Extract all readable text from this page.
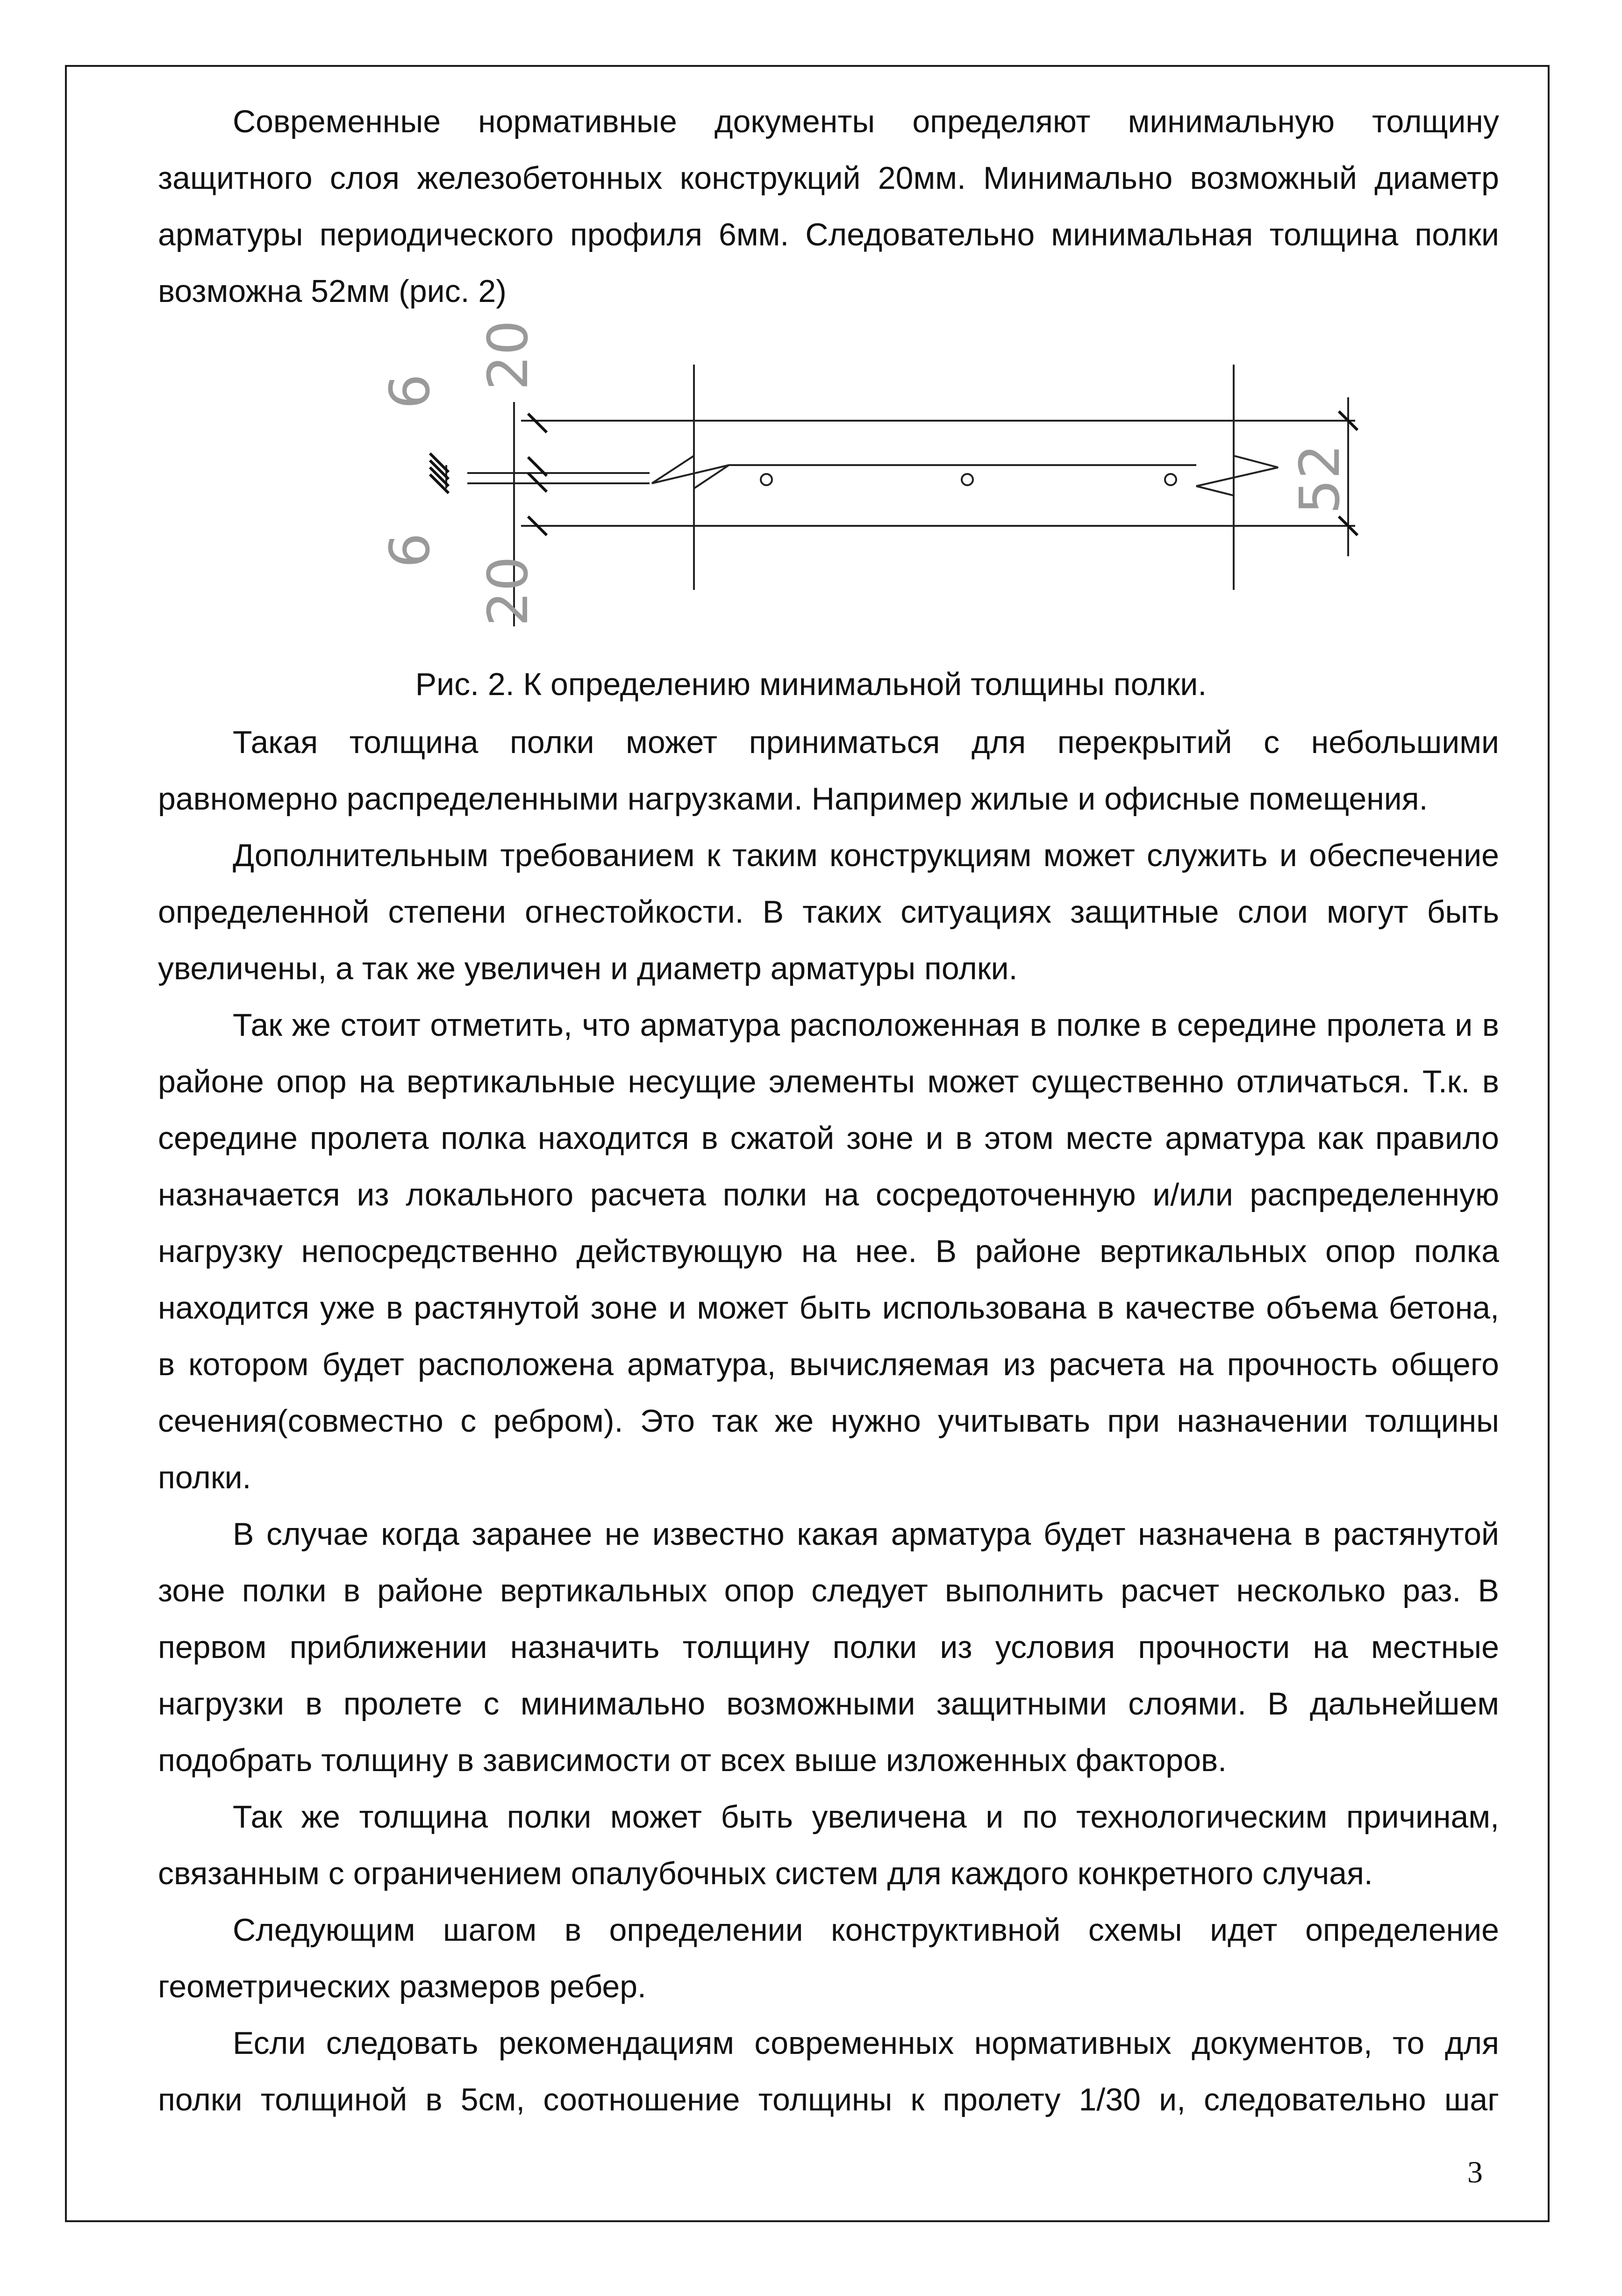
Современные нормативные документы определяют минимальную толщину защитного слоя железобетонных конструкций 20мм. Минимально возможный диаметр арматуры периодического профиля 6мм. Следовательно минимальная толщина полки возможна 52мм (рис. 2)

20
6
6
20
52
Рис. 2. К определению минимальной толщины полки.

Такая толщина полки может приниматься для перекрытий с небольшими равномерно распределенными нагрузками. Например жилые и офисные помещения.

Дополнительным требованием к таким конструкциям может служить и обеспечение определенной степени огнестойкости. В таких ситуациях защитные слои могут быть увеличены, а так же увеличен и диаметр арматуры полки.

Так же стоит отметить, что арматура расположенная в полке в середине пролета и в районе опор на вертикальные несущие элементы может существенно отличаться. Т.к. в середине пролета полка находится в сжатой зоне и в этом месте арматура как правило назначается из локального расчета полки на сосредоточенную и/или распределенную нагрузку непосредственно действующую на нее. В районе вертикальных опор полка находится уже в растянутой зоне и может быть использована в качестве объема бетона, в котором будет расположена арматура, вычисляемая из расчета на прочность общего сечения(совместно с ребром). Это так же нужно учитывать при назначении толщины полки.

В случае когда заранее не известно какая арматура будет назначена в растянутой зоне полки в районе вертикальных опор следует выполнить расчет несколько раз. В первом приближении назначить толщину полки из условия прочности на местные нагрузки в пролете с минимально возможными защитными слоями. В дальнейшем подобрать толщину в зависимости от всех выше изложенных факторов.

Так же толщина полки может быть увеличена и по технологическим причинам, связанным с ограничением опалубочных систем для каждого конкретного случая.

Следующим шагом в определении конструктивной схемы идет определение геометрических размеров ребер.

Если следовать рекомендациям современных нормативных документов, то для полки толщиной в 5см, соотношение толщины к пролету 1/30 и, следовательно шаг

3
